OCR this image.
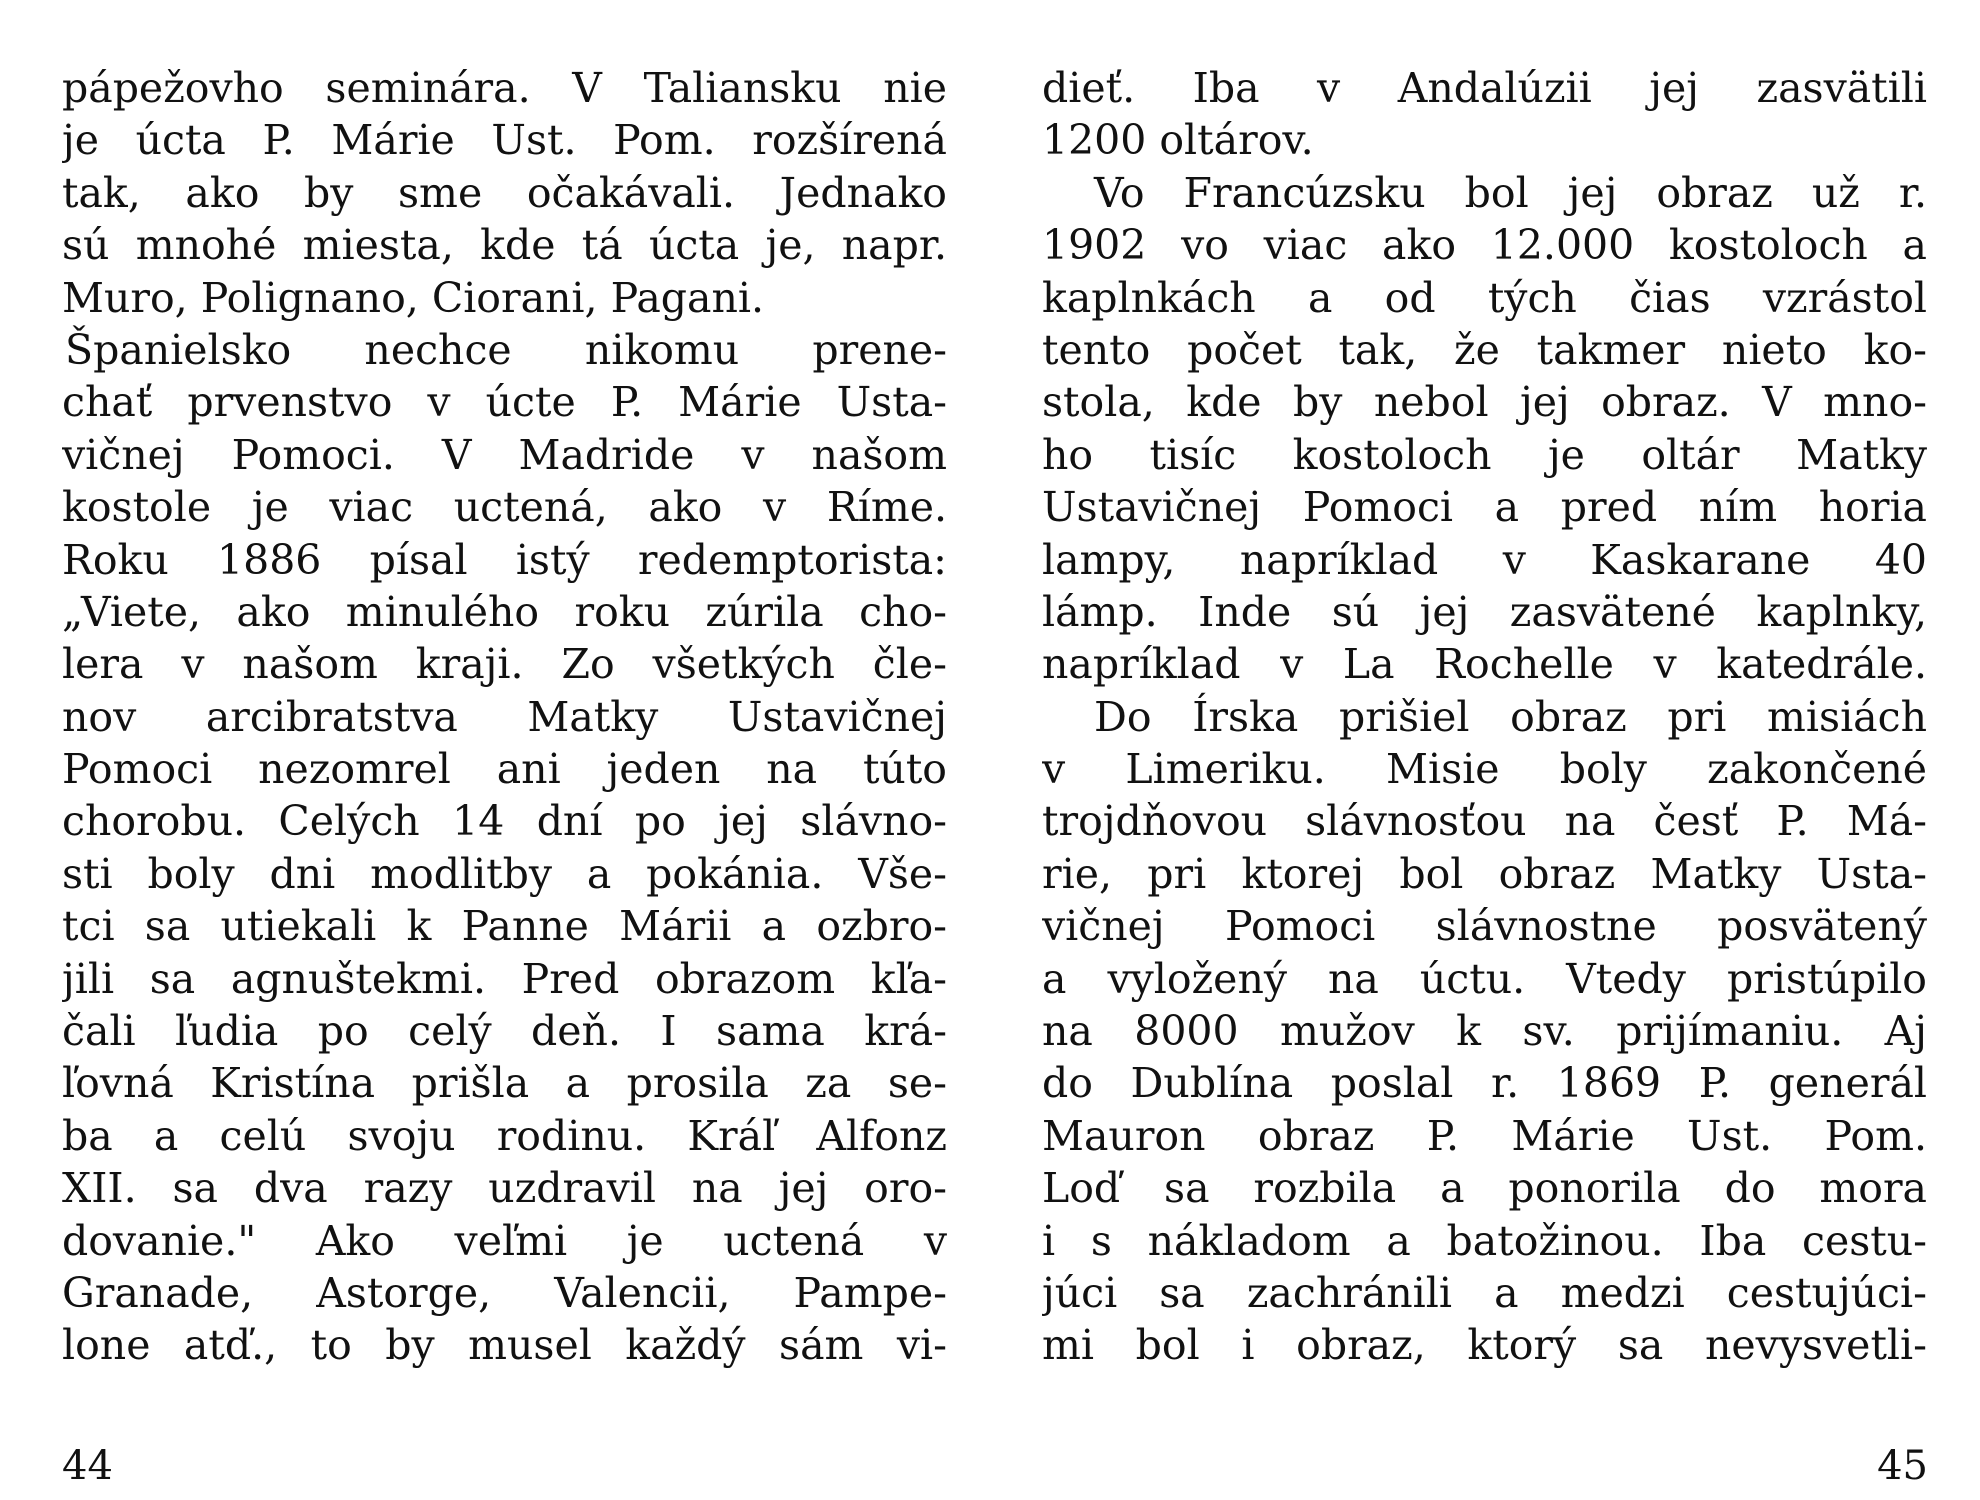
pápežovho seminára. V Taliansku nie
je úcta P. Márie Ust. Pom. rozšírená
tak, ako by sme očakávali. Jednako
sú mnohé miesta, kde tá úcta je, napr.
Muro, Polignano, Ciorani, Pagani.
Španielsko nechce nikomu prene-
chať prvenstvo v úcte P. Márie Usta-
vičnej Pomoci. V Madride v našom
kostole je viac uctená, ako v Ríme.
Roku 1886 písal istý redemptorista:
„Viete, ako minulého roku zúrila cho-
lera v našom kraji. Zo všetkých čle-
nov arcibratstva Matky Ustavičnej
Pomoci nezomrel ani jeden na túto
chorobu. Celých 14 dní po jej slávno-
sti boly dni modlitby a pokánia. Vše-
tci sa utiekali k Panne Márii a ozbro-
jili sa agnuštekmi. Pred obrazom kľa-
čali ľudia po celý deň. I sama krá-
ľovná Kristína prišla a prosila za se-
ba a celú svoju rodinu. Kráľ Alfonz
XII. sa dva razy uzdravil na jej oro-
dovanie." Ako veľmi je uctená v
Granade, Astorge, Valencii, Pampe-
lone atď., to by musel každý sám vi-
44
dieť. Iba v Andalúzii jej zasvätili
1200 oltárov.
Vo Francúzsku bol jej obraz už r.
1902 vo viac ako 12.000 kostoloch a
kaplnkách a od tých čias vzrástol
tento počet tak, že takmer nieto ko-
stola, kde by nebol jej obraz. V mno-
ho tisíc kostoloch je oltár Matky
Ustavičnej Pomoci a pred ním horia
lampy, napríklad v Kaskarane 40
lámp. Inde sú jej zasvätené kaplnky,
napríklad v La Rochelle v katedrále.
Do Írska prišiel obraz pri misiách
v Limeriku. Misie boly zakončené
trojdňovou slávnosťou na česť P. Má-
rie, pri ktorej bol obraz Matky Usta-
vičnej Pomoci slávnostne posvätený
a vyložený na úctu. Vtedy pristúpilo
na 8000 mužov k sv. prijímaniu. Aj
do Dublína poslal r. 1869 P. generál
Mauron obraz P. Márie Ust. Pom.
Loď sa rozbila a ponorila do mora
i s nákladom a batožinou. Iba cestu-
júci sa zachránili a medzi cestujúci-
mi bol i obraz, ktorý sa nevysvetli-
45
